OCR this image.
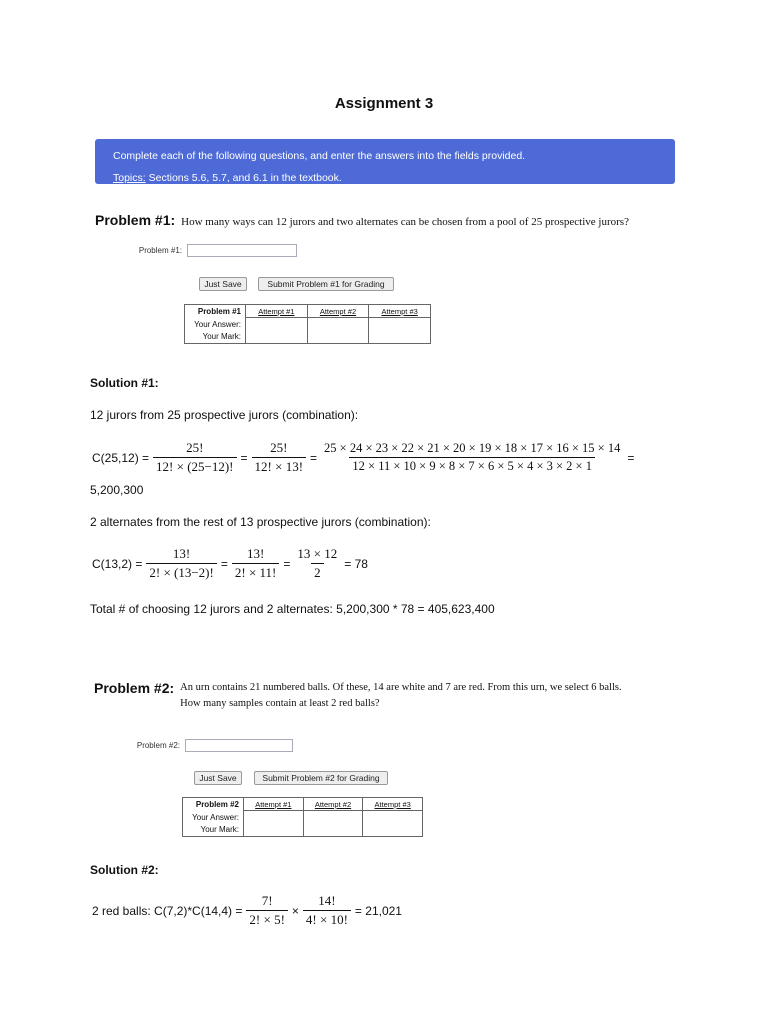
Assignment 3
Complete each of the following questions, and enter the answers into the fields provided.
Topics: Sections 5.6, 5.7, and 6.1 in the textbook.
Problem #1: How many ways can 12 jurors and two alternates can be chosen from a pool of 25 prospective jurors?
Problem #1:
Just Save	Submit Problem #1 for Grading
Problem #1	Attempt #1	Attempt #2	Attempt #3
Your Answer:			
Your Mark:			
Solution #1:
12 jurors from 25 prospective jurors (combination):
$C(25,12) = \frac{25!}{12! \times (25-12)!} = \frac{25!}{12! \times 13!} = \frac{25 \times 24 \times 23 \times 22 \times 21 \times 20 \times 19 \times 18 \times 17 \times 16 \times 15 \times 14}{12 \times 11 \times 10 \times 9 \times 8 \times 7 \times 6 \times 5 \times 4 \times 3 \times 2 \times 1}$ =
5,200,300
2 alternates from the rest of 13 prospective jurors (combination):
$C(13,2) = \frac{13!}{2! \times (13-2)!} = \frac{13!}{2! \times 11!} = \frac{13 \times 12}{2} = 78$
Total # of choosing 12 jurors and 2 alternates: 5,200,300 * 78 = 405,623,400
Problem #2: An urn contains 21 numbered balls. Of these, 14 are white and 7 are red. From this urn, we select 6 balls.
How many samples contain at least 2 red balls?
Problem #2:
Just Save	Submit Problem #2 for Grading
Problem #2	Attempt #1	Attempt #2	Attempt #3
Your Answer:			
Your Mark:			
Solution #2:
2 red balls: $C(7,2)*C(14,4) = \frac{7!}{2! \times 5!} \times \frac{14!}{4! \times 10!} = 21,021$
